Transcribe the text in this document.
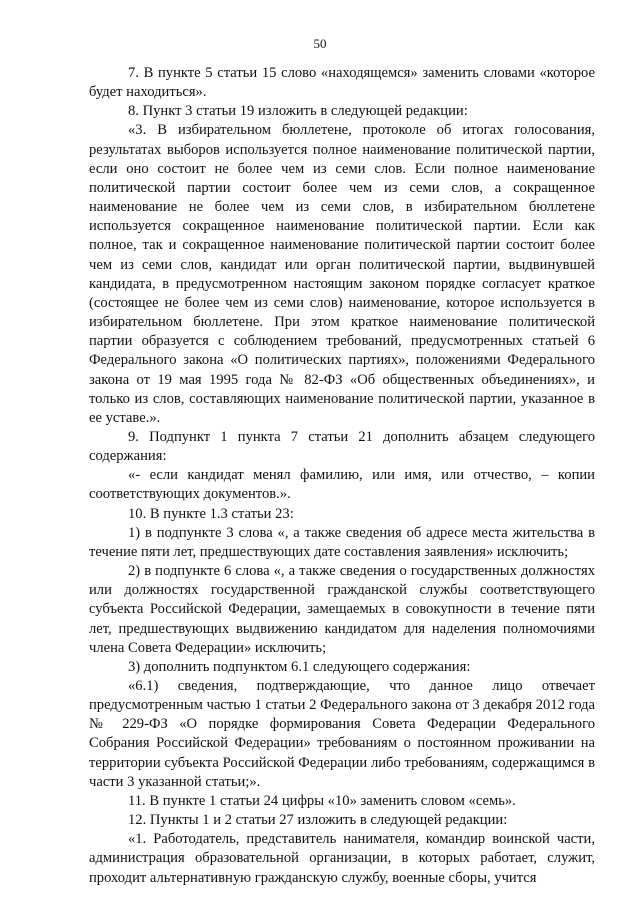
50

7. В пункте 5 статьи 15 слово «находящемся» заменить словами «которое будет находиться».

8. Пункт 3 статьи 19 изложить в следующей редакции:

«3. В избирательном бюллетене, протоколе об итогах голосования, результатах выборов используется полное наименование политической партии, если оно состоит не более чем из семи слов. Если полное наименование политической партии состоит более чем из семи слов, а сокращенное наименование не более чем из семи слов, в избирательном бюллетене используется сокращенное наименование политической партии. Если как полное, так и сокращенное наименование политической партии состоит более чем из семи слов, кандидат или орган политической партии, выдвинувшей кандидата, в предусмотренном настоящим законом порядке согласует краткое (состоящее не более чем из семи слов) наименование, которое используется в избирательном бюллетене. При этом краткое наименование политической партии образуется с соблюдением требований, предусмотренных статьей 6 Федерального закона «О политических партиях», положениями Федерального закона от 19 мая 1995 года № 82-ФЗ «Об общественных объединениях», и только из слов, составляющих наименование политической партии, указанное в ее уставе.».

9. Подпункт 1 пункта 7 статьи 21 дополнить абзацем следующего содержания:

«- если кандидат менял фамилию, или имя, или отчество, – копии соответствующих документов.».

10. В пункте 1.3 статьи 23:

1) в подпункте 3 слова «, а также сведения об адресе места жительства в течение пяти лет, предшествующих дате составления заявления» исключить;

2) в подпункте 6 слова «, а также сведения о государственных должностях или должностях государственной гражданской службы соответствующего субъекта Российской Федерации, замещаемых в совокупности в течение пяти лет, предшествующих выдвижению кандидатом для наделения полномочиями члена Совета Федерации» исключить;

3) дополнить подпунктом 6.1 следующего содержания:

«6.1) сведения, подтверждающие, что данное лицо отвечает предусмотренным частью 1 статьи 2 Федерального закона от 3 декабря 2012 года № 229-ФЗ «О порядке формирования Совета Федерации Федерального Собрания Российской Федерации» требованиям о постоянном проживании на территории субъекта Российской Федерации либо требованиям, содержащимся в части 3 указанной статьи;».

11. В пункте 1 статьи 24 цифры «10» заменить словом «семь».

12. Пункты 1 и 2 статьи 27 изложить в следующей редакции:

«1. Работодатель, представитель нанимателя, командир воинской части, администрация образовательной организации, в которых работает, служит, проходит альтернативную гражданскую службу, военные сборы, учится
